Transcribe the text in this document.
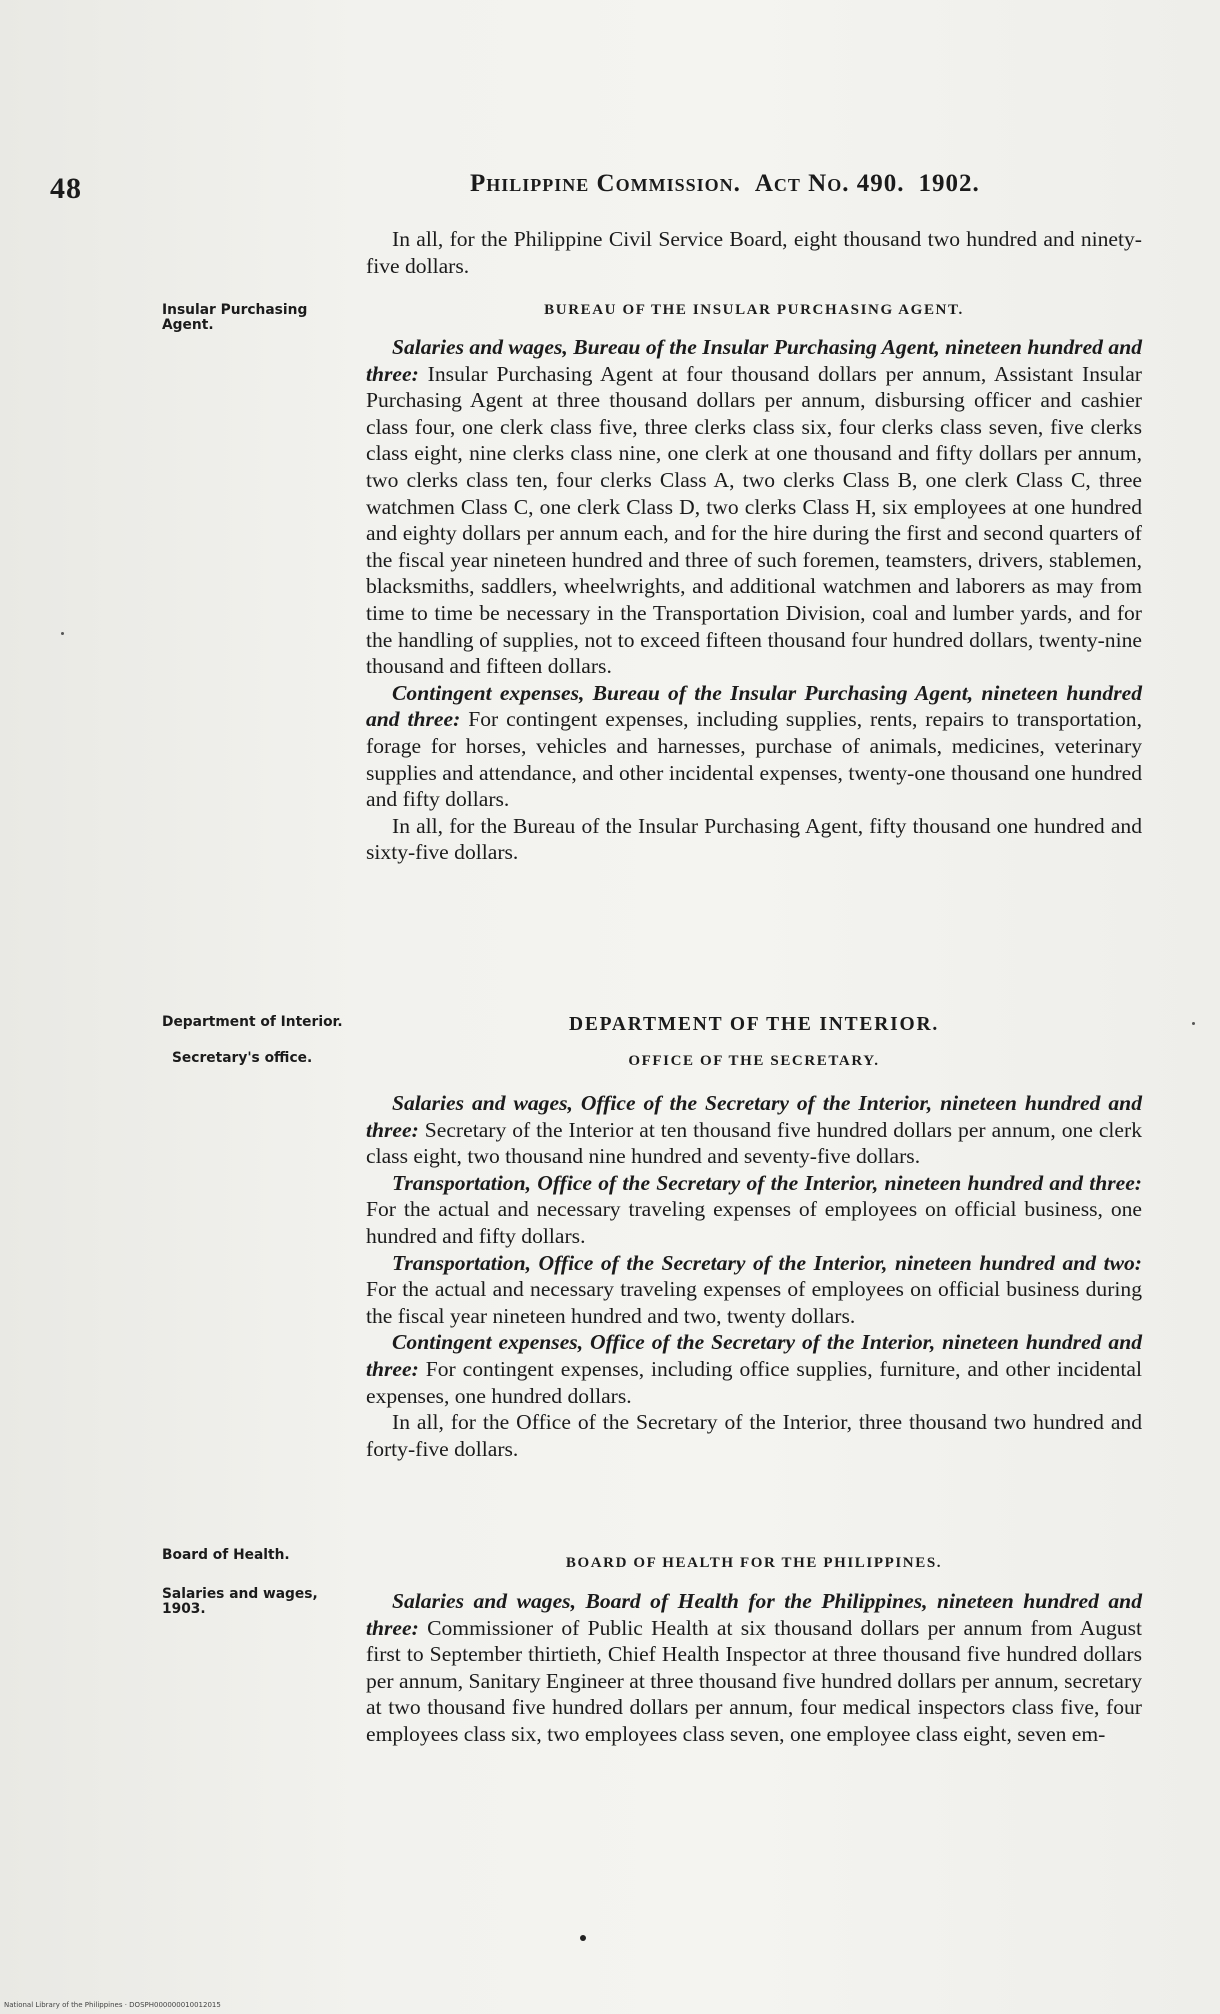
48	Philippine Commission. Act No. 490. 1902.

In all, for the Philippine Civil Service Board, eight thousand two hundred and ninety-five dollars.

Insular Purchasing Agent.
BUREAU OF THE INSULAR PURCHASING AGENT.

Salaries and wages, Bureau of the Insular Purchasing Agent, nineteen hundred and three: Insular Purchasing Agent at four thousand dollars per annum, Assistant Insular Purchasing Agent at three thousand dollars per annum, disbursing officer and cashier class four, one clerk class five, three clerks class six, four clerks class seven, five clerks class eight, nine clerks class nine, one clerk at one thousand and fifty dollars per annum, two clerks class ten, four clerks Class A, two clerks Class B, one clerk Class C, three watchmen Class C, one clerk Class D, two clerks Class H, six employees at one hundred and eighty dollars per annum each, and for the hire during the first and second quarters of the fiscal year nineteen hundred and three of such foremen, teamsters, drivers, stablemen, blacksmiths, saddlers, wheelwrights, and additional watchmen and laborers as may from time to time be necessary in the Transportation Division, coal and lumber yards, and for the handling of supplies, not to exceed fifteen thousand four hundred dollars, twenty-nine thousand and fifteen dollars.

Contingent expenses, Bureau of the Insular Purchasing Agent, nineteen hundred and three: For contingent expenses, including supplies, rents, repairs to transportation, forage for horses, vehicles and harnesses, purchase of animals, medicines, veterinary supplies and attendance, and other incidental expenses, twenty-one thousand one hundred and fifty dollars.

In all, for the Bureau of the Insular Purchasing Agent, fifty thousand one hundred and sixty-five dollars.

Department of Interior.
Secretary's office.
DEPARTMENT OF THE INTERIOR.
OFFICE OF THE SECRETARY.

Salaries and wages, Office of the Secretary of the Interior, nineteen hundred and three: Secretary of the Interior at ten thousand five hundred dollars per annum, one clerk class eight, two thousand nine hundred and seventy-five dollars.

Transportation, Office of the Secretary of the Interior, nineteen hundred and three: For the actual and necessary traveling expenses of employees on official business, one hundred and fifty dollars.

Transportation, Office of the Secretary of the Interior, nineteen hundred and two: For the actual and necessary traveling expenses of employees on official business during the fiscal year nineteen hundred and two, twenty dollars.

Contingent expenses, Office of the Secretary of the Interior, nineteen hundred and three: For contingent expenses, including office supplies, furniture, and other incidental expenses, one hundred dollars.

In all, for the Office of the Secretary of the Interior, three thousand two hundred and forty-five dollars.

Board of Health.
Salaries and wages, 1903.
BOARD OF HEALTH FOR THE PHILIPPINES.

Salaries and wages, Board of Health for the Philippines, nineteen hundred and three: Commissioner of Public Health at six thousand dollars per annum from August first to September thirtieth, Chief Health Inspector at three thousand five hundred dollars per annum, Sanitary Engineer at three thousand five hundred dollars per annum, secretary at two thousand five hundred dollars per annum, four medical inspectors class five, four employees class six, two employees class seven, one employee class eight, seven em-

National Library of the Philippines · DOSPH000000010012015
